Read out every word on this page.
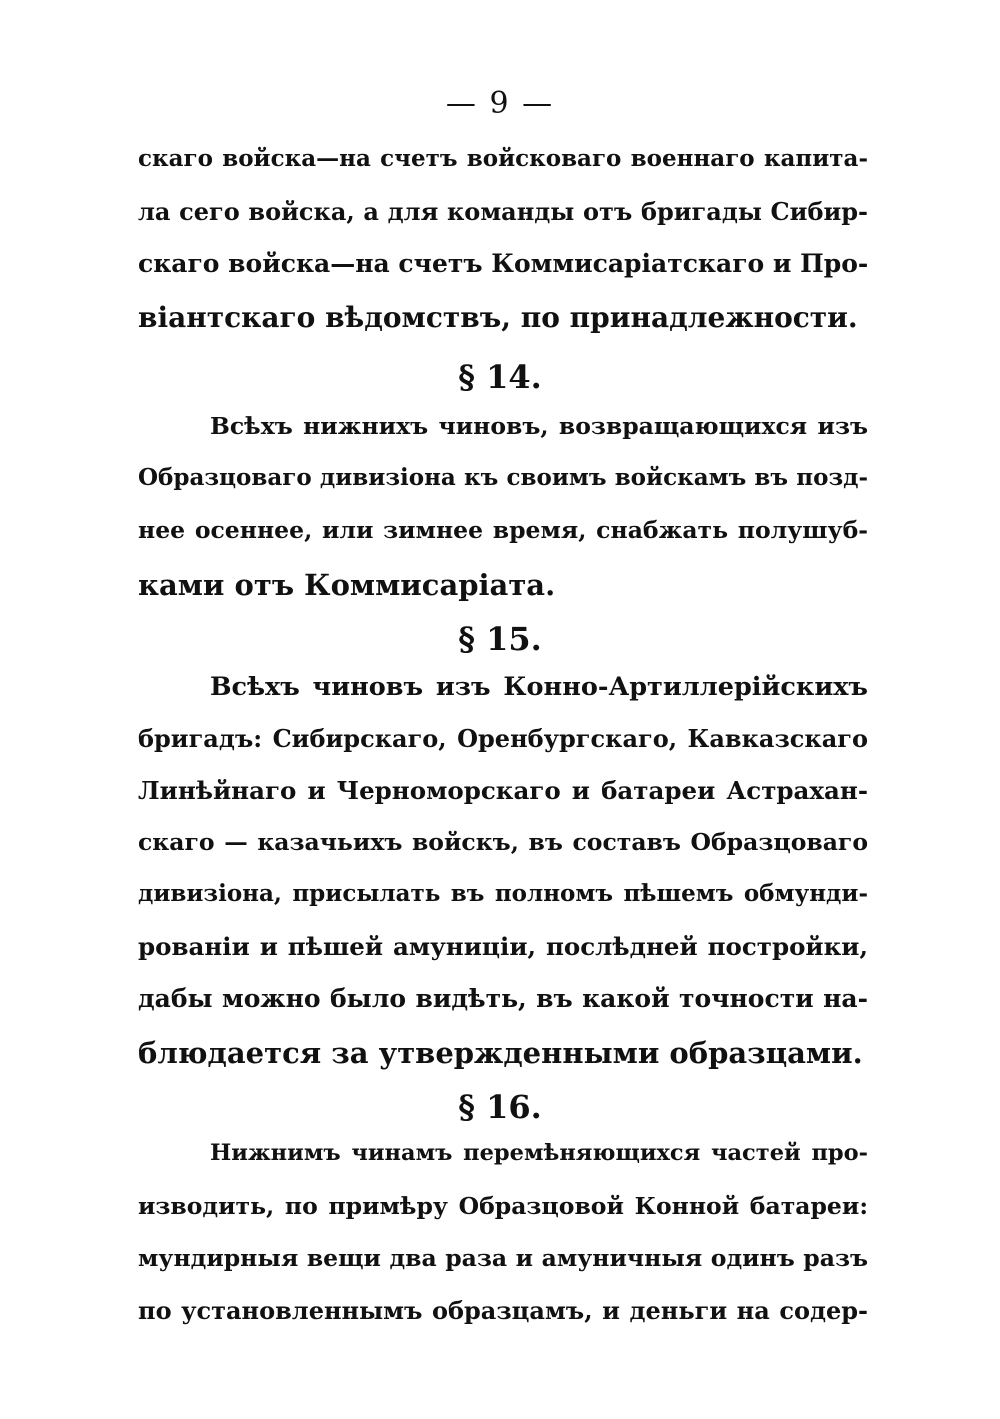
— 9 —
скаго войска—на счетъ войсковаго военнаго капита-
ла сего войска, а для команды отъ бригады Сибир-
скаго войска—на счетъ Коммисаріатскаго и Про-
віантскаго вѣдомствъ, по принадлежности.
§ 14.
Всѣхъ нижнихъ чиновъ, возвращающихся изъ
Образцоваго дивизіона къ своимъ войскамъ въ позд-
нее осеннее, или зимнее время, снабжать полушуб-
ками отъ Коммисаріата.
§ 15.
Всѣхъ чиновъ изъ Конно-Артиллерійскихъ
бригадъ: Сибирскаго, Оренбургскаго, Кавказскаго
Линѣйнаго и Черноморскаго и батареи Астрахан-
скаго — казачьихъ войскъ, въ составъ Образцоваго
дивизіона, присылать въ полномъ пѣшемъ обмунди-
рованіи и пѣшей амуниціи, послѣдней постройки,
дабы можно было видѣть, въ какой точности на-
блюдается за утвержденными образцами.
§ 16.
Нижнимъ чинамъ перемѣняющихся частей про-
изводить, по примѣру Образцовой Конной батареи:
мундирныя вещи два раза и амуничныя одинъ разъ
по установленнымъ образцамъ, и деньги на содер-
